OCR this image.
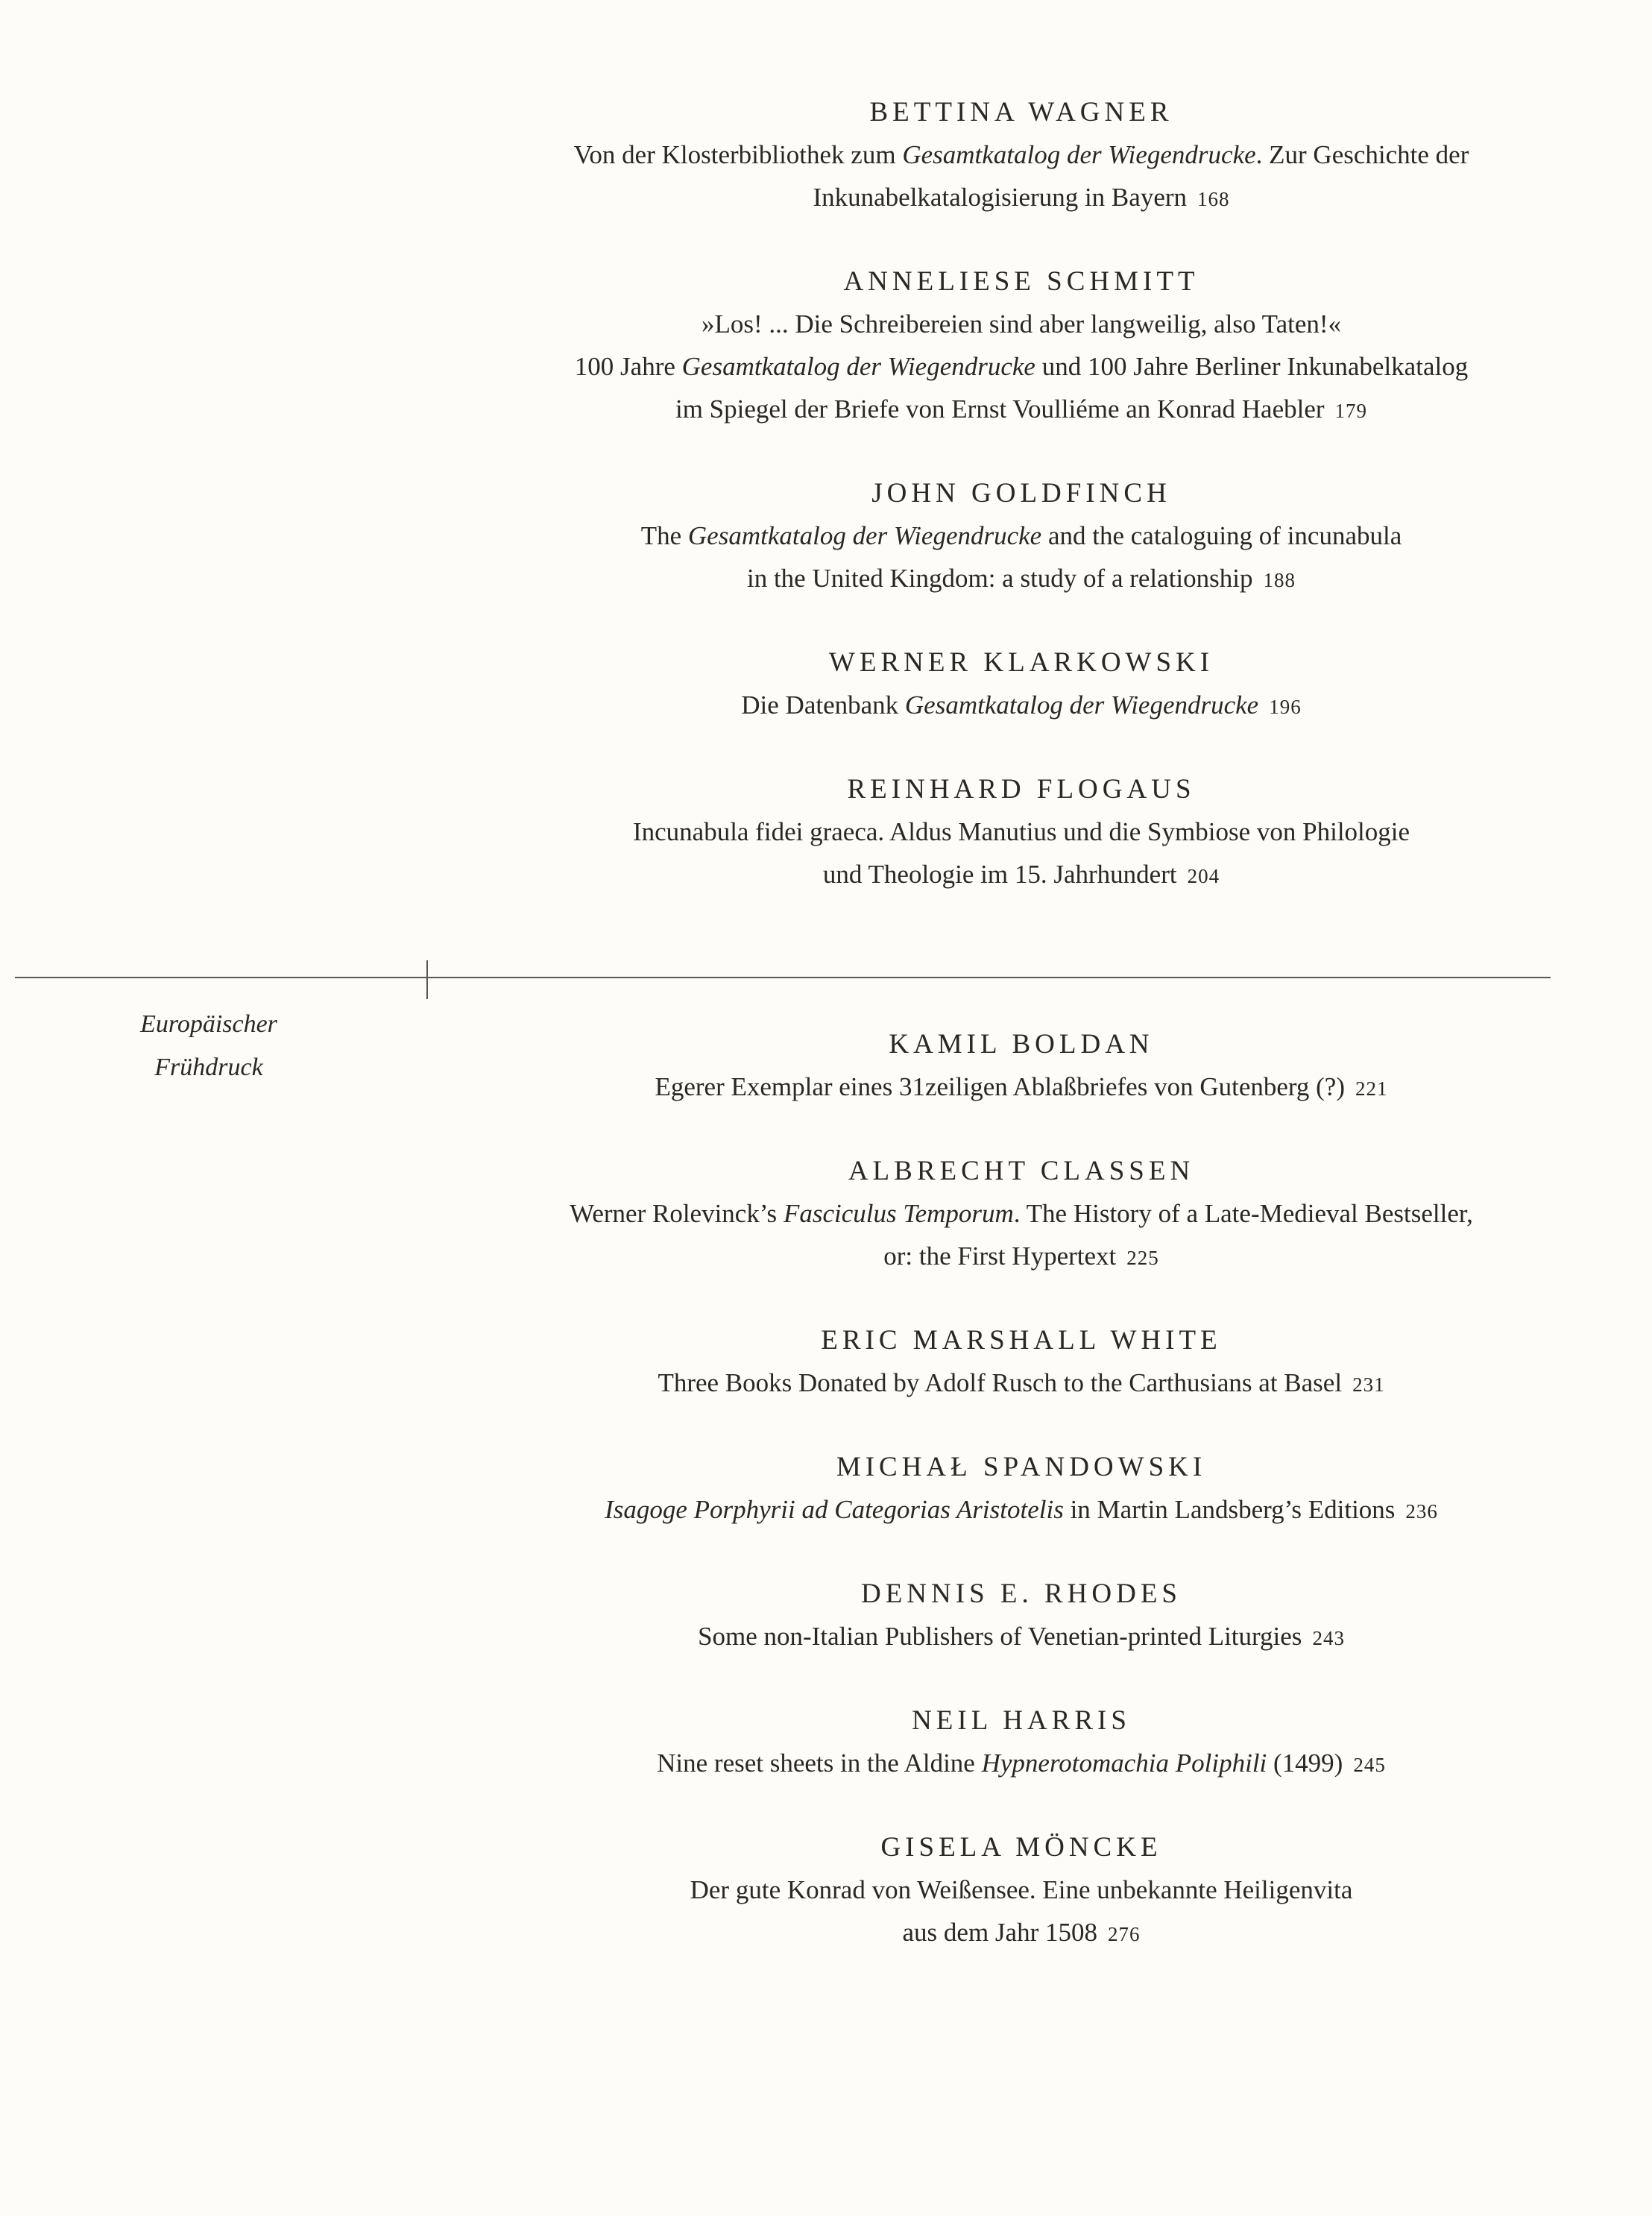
BETTINA WAGNER
Von der Klosterbibliothek zum Gesamtkatalog der Wiegendrucke. Zur Geschichte der
Inkunabelkatalogisierung in Bayern 168
ANNELIESE SCHMITT
»Los! ... Die Schreibereien sind aber langweilig, also Taten!«
100 Jahre Gesamtkatalog der Wiegendrucke und 100 Jahre Berliner Inkunabelkatalog
im Spiegel der Briefe von Ernst Voulliéme an Konrad Haebler 179
JOHN GOLDFINCH
The Gesamtkatalog der Wiegendrucke and the cataloguing of incunabula
in the United Kingdom: a study of a relationship 188
WERNER KLARKOWSKI
Die Datenbank Gesamtkatalog der Wiegendrucke 196
REINHARD FLOGAUS
Incunabula fidei graeca. Aldus Manutius und die Symbiose von Philologie
und Theologie im 15. Jahrhundert 204
Europäischer
Frühdruck
KAMIL BOLDAN
Egerer Exemplar eines 31zeiligen Ablaßbriefes von Gutenberg (?) 221
ALBRECHT CLASSEN
Werner Rolevinck’s Fasciculus Temporum. The History of a Late-Medieval Bestseller,
or: the First Hypertext 225
ERIC MARSHALL WHITE
Three Books Donated by Adolf Rusch to the Carthusians at Basel 231
MICHAŁ SPANDOWSKI
Isagoge Porphyrii ad Categorias Aristotelis in Martin Landsberg’s Editions 236
DENNIS E. RHODES
Some non-Italian Publishers of Venetian-printed Liturgies 243
NEIL HARRIS
Nine reset sheets in the Aldine Hypnerotomachia Poliphili (1499) 245
GISELA MÖNCKE
Der gute Konrad von Weißensee. Eine unbekannte Heiligenvita
aus dem Jahr 1508 276
